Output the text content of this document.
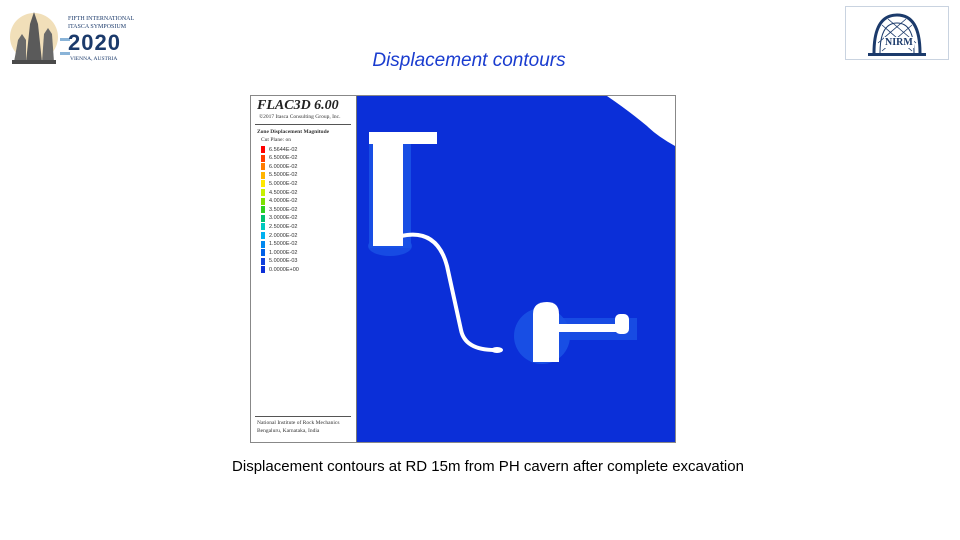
FIFTH INTERNATIONAL
ITASCA SYMPOSIUM
2020
VIENNA, AUSTRIA
NIRM
Displacement contours
FLAC3D 6.00
©2017 Itasca Consulting Group, Inc.
Zone Displacement Magnitude
Cut Plane: on
6.5644E-02
6.5000E-02
6.0000E-02
5.5000E-02
5.0000E-02
4.5000E-02
4.0000E-02
3.5000E-02
3.0000E-02
2.5000E-02
2.0000E-02
1.5000E-02
1.0000E-02
5.0000E-03
0.0000E+00
National Institute of Rock Mechanics
Bengaluru, Karnataka, India
Displacement contours at RD 15m from PH cavern after complete excavation
